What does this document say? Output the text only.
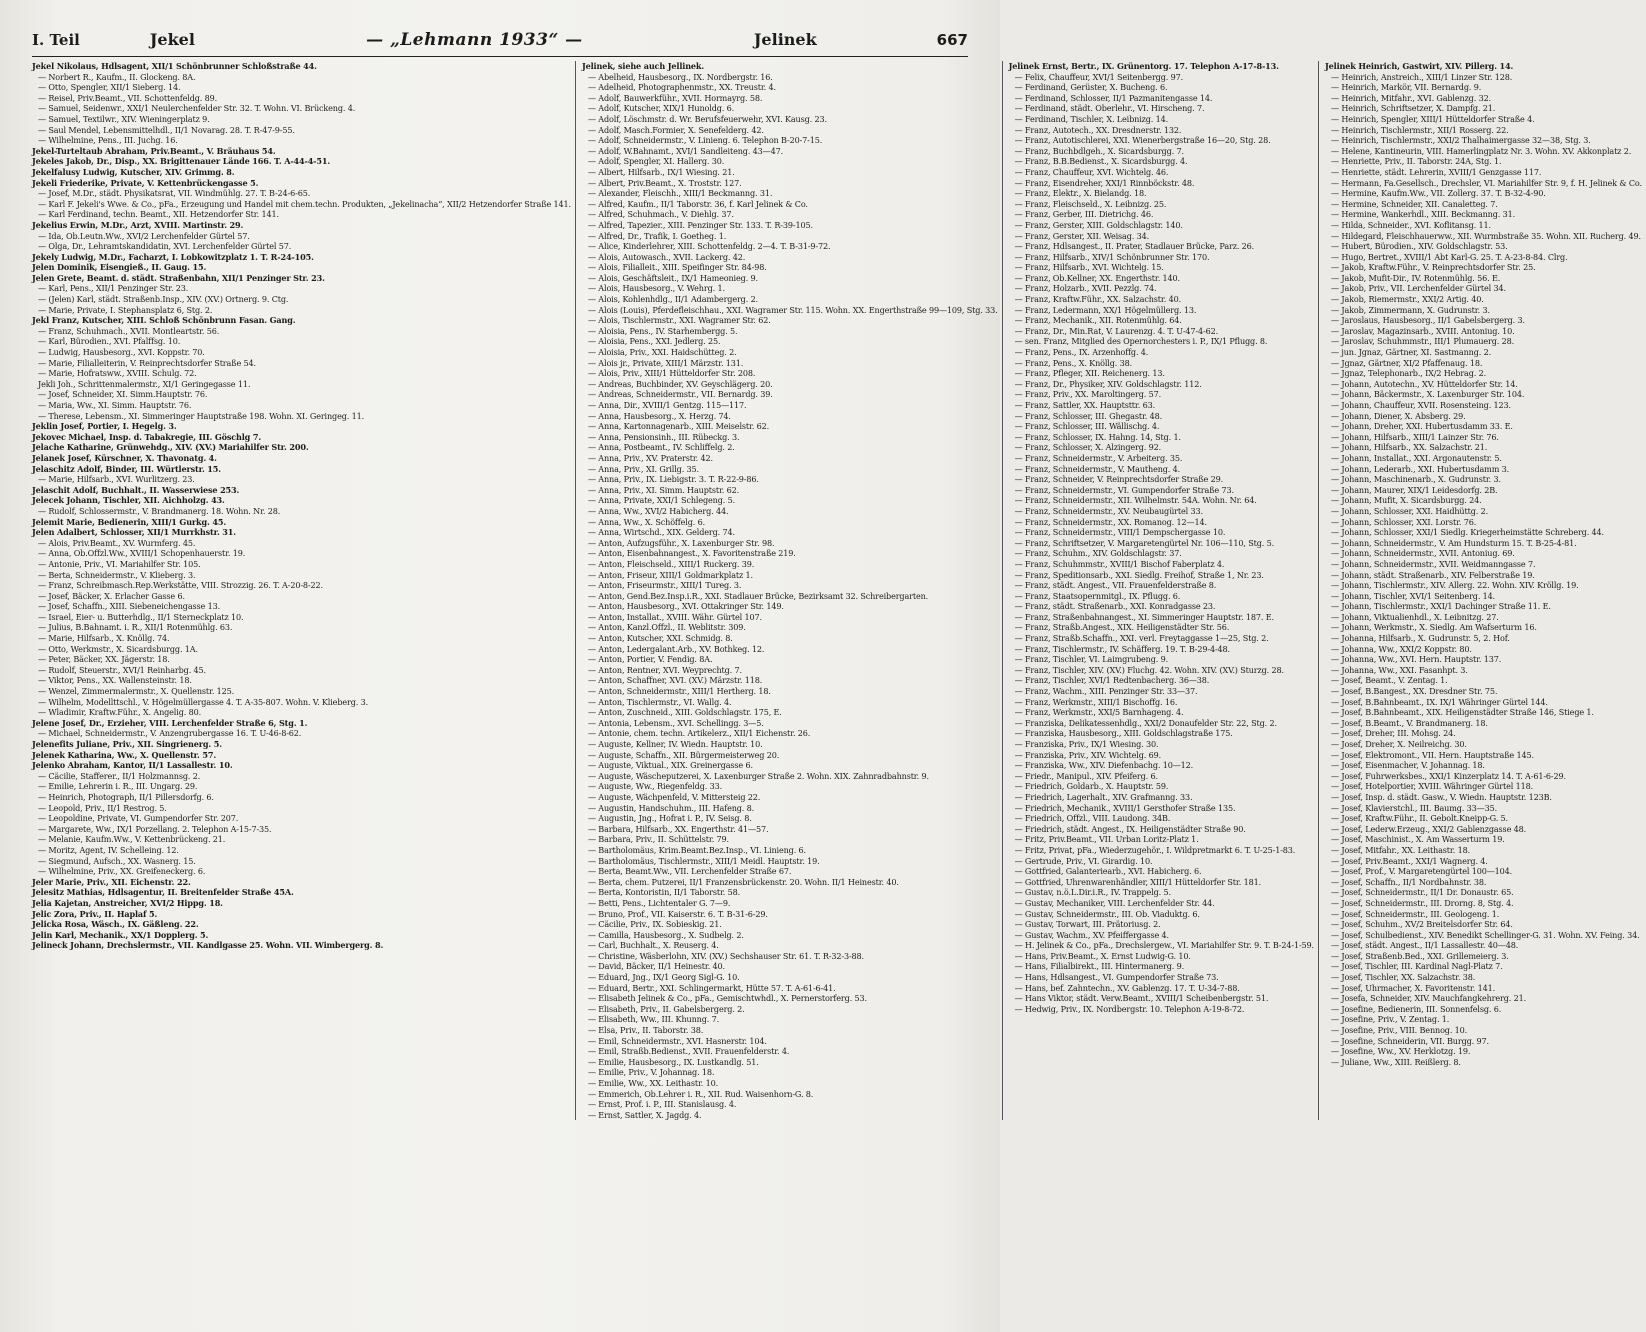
I. Teil	Jekel	— „Lehmann 1933“ —	Jelinek	667
Jekel Nikolaus, Hdlsagent, XII/1 Schönbrunner Schloßstraße 44.
— Norbert R., Kaufm., II. Glockeng. 8A.
— Otto, Spengler, XII/1 Sieberg. 14.
— Reisel, Priv.Beamt., VII. Schottenfeldg. 89.
— Samuel, Seidenwr., XXI/1 Neulerchenfelder Str. 32. T. Wohn. VI. Brückeng. 4.
— Samuel, Textilwr., XIV. Wieningerplatz 9.
— Saul Mendel, Lebensmittelhdl., II/1 Novarag. 28. T. R-47-9-55.
— Wilhelmine, Pens., III. Juchg. 16.
Jekel-Turteltaub Abraham, Priv.Beamt., V. Bräuhaus 54.
Jekeles Jakob, Dr., Disp., XX. Brigittenauer Lände 166. T. A-44-4-51.
Jekelfalusy Ludwig, Kutscher, XIV. Grimmg. 8.
Jekeli Friederike, Private, V. Kettenbrückengasse 5.
— Josef, M.Dr., städt. Physikatsrat, VII. Windmühlg. 27. T. B-24-6-65.
— Karl F. Jekeli's Wwe. & Co., pFa., Erzeugung und Handel mit chem.techn. Produkten, „Jekelinacha“, XII/2 Hetzendorfer Straße 141.
— Karl Ferdinand, techn. Beamt., XII. Hetzendorfer Str. 141.
Jekelius Erwin, M.Dr., Arzt, XVIII. Martinstr. 29.
— Ida, Ob.Leutn.Ww., XVI/2 Lerchenfelder Gürtel 57.
— Olga, Dr., Lehramtskandidatin, XVI. Lerchenfelder Gürtel 57.
Jekely Ludwig, M.Dr., Facharzt, I. Lobkowitzplatz 1. T. R-24-105.
Jelen Dominik, Eisengieß., II. Gaug. 15.
Jelen Grete, Beamt. d. städt. Straßenbahn, XII/1 Penzinger Str. 23.
— Karl, Pens., XII/1 Penzinger Str. 23.
— (Jelen) Karl, städt. Straßenb.Insp., XIV. (XV.) Ortnerg. 9. Ctg.
— Marie, Private, I. Stephansplatz 6, Stg. 2.
Jekl Franz, Kutscher, XIII. Schloß Schönbrunn Fasan. Gang.
— Franz, Schuhmach., XVII. Montleartstr. 56.
— Karl, Bürodien., XVI. Pfalffsg. 10.
— Ludwig, Hausbesorg., XVI. Koppstr. 70.
— Marie, Filialleiterin, V. Reinprechtsdorfer Straße 54.
— Marie, Hofratsww., XVIII. Schulg. 72.
Jekli Joh., Schrittenmalermstr., XI/1 Geringegasse 11.
— Josef, Schneider, XI. Simm.Hauptstr. 76.
— Maria, Ww., XI. Simm. Hauptstr. 76.
— Therese, Lebensm., XI. Simmeringer Hauptstraße 198. Wohn. XI. Geringeg. 11.
Jeklin Josef, Portier, I. Hegelg. 3.
Jekovec Michael, Insp. d. Tabakregie, III. Göschlg 7.
Jelache Katharine, Grünwehdg., XIV. (XV.) Mariahilfer Str. 200.
Jelanek Josef, Kürschner, X. Thavonatg. 4.
Jelaschitz Adolf, Binder, III. Würtlerstr. 15.
— Marie, Hilfsarb., XVI. Wurlitzerg. 23.
Jelaschit Adolf, Buchhalt., II. Wasserwiese 253.
Jelecek Johann, Tischler, XII. Aichholzg. 43.
— Rudolf, Schlossermstr., V. Brandmanerg. 18. Wohn. Nr. 28.
Jelemit Marie, Bedienerin, XIII/1 Gurkg. 45.
Jelen Adalbert, Schlosser, XII/1 Murrkhstr. 31.
— Alois, Priv.Beamt., XV. Wurmferg. 45.
— Anna, Ob.Offzl.Ww., XVIII/1 Schopenhauerstr. 19.
— Antonie, Priv., VI. Mariahilfer Str. 105.
— Berta, Schneidermstr., V. Klieberg. 3.
— Franz, Schreibmasch.Rep.Werkstätte, VIII. Strozzig. 26. T. A-20-8-22.
— Josef, Bäcker, X. Erlacher Gasse 6.
— Josef, Schaffn., XIII. Siebeneichengasse 13.
— Israel, Eier- u. Butterhdlg., II/1 Sterneckplatz 10.
— Julius, B.Bahnamt. i. R., XII/1 Rotenmühlg. 63.
— Marie, Hilfsarb., X. Knöllg. 74.
— Otto, Werkmstr., X. Sicardsburgg. 1A.
— Peter, Bäcker, XX. Jägerstr. 18.
— Rudolf, Steuerstr., XVI/1 Reinharbg. 45.
— Viktor, Pens., XX. Wallensteinstr. 18.
— Wenzel, Zimmermalermstr., X. Quellenstr. 125.
— Wilhelm, Modellttschl., V. Högelmüllergasse 4. T. A-35-807. Wohn. V. Klieberg. 3.
— Wladimir, Kraftw.Führ., X. Angelig. 80.
Jelene Josef, Dr., Erzieher, VIII. Lerchenfelder Straße 6, Stg. 1.
— Michael, Schneidermstr., V. Anzengrubergasse 16. T. U-46-8-62.
Jelenefits Juliane, Priv., XII. Singrienerg. 5.
Jelenek Katharina, Ww., X. Quellenstr. 57.
Jelenko Abraham, Kantor, II/1 Lassallestr. 10.
— Cäcilie, Stafferer., II/1 Holzmannsg. 2.
— Emilie, Lehrerin i. R., III. Ungarg. 29.
— Heinrich, Photograph, II/1 Pillersdorfg. 6.
— Leopold, Priv., II/1 Restrog. 5.
— Leopoldine, Private, VI. Gumpendorfer Str. 207.
— Margarete, Ww., IX/1 Porzellang. 2. Telephon A-15-7-35.
— Melanie, Kaufm.Ww., V. Kettenbrückeng. 21.
— Moritz, Agent, IV. Schelleing. 12.
— Siegmund, Aufsch., XX. Wasnerg. 15.
— Wilhelmine, Priv., XX. Greifeneckerg. 6.
Jeler Marie, Priv., XII. Eichenstr. 22.
Jelesitz Mathias, Hdlsagentur, II. Breitenfelder Straße 45A.
Jelia Kajetan, Anstreicher, XVI/2 Hippg. 18.
Jelic Zora, Priv., II. Haplaf 5.
Jelicka Rosa, Wäsch., IX. Gäßleng. 22.
Jelin Karl, Mechanik., XX/1 Dopplerg. 5.
Jelineck Johann, Drechslermstr., VII. Kandlgasse 25. Wohn. VII. Wimbergerg. 8.
Jelinek, siehe auch Jellinek.
— Abelheid, Hausbesorg., IX. Nordbergstr. 16.
— Adelheid, Photographenmstr., XX. Treustr. 4.
— Adolf, Bauwerkführ., XVII. Hormayrg. 58.
— Adolf, Kutscher, XIX/1 Hunoldg. 6.
— Adolf, Löschmstr. d. Wr. Berufsfeuerwehr, XVI. Kausg. 23.
— Adolf, Masch.Formier, X. Senefelderg. 42.
— Adolf, Schneidermstr., V. Linieng. 6. Telephon B-20-7-15.
— Adolf, W.Bahnamt., XVI/1 Sandleiteng. 43—47.
— Adolf, Spengler, XI. Hallerg. 30.
— Albert, Hilfsarb., IX/1 Wiesing. 21.
— Albert, Priv.Beamt., X. Troststr. 127.
— Alexander, Fleischh., XIII/1 Beckmanng. 31.
— Alfred, Kaufm., II/1 Taborstr. 36, f. Karl Jelinek & Co.
— Alfred, Schuhmach., V. Diehlg. 37.
— Alfred, Tapezier., XIII. Penzinger Str. 133. T. R-39-105.
— Alfred, Dr., Trafik, I. Goetheg. 1.
— Alice, Kinderlehrer, XIII. Schottenfeldg. 2—4. T. B-31-9-72.
— Alois, Autowasch., XVII. Lackerg. 42.
— Alois, Filialleit., XIII. Speifinger Str. 84-98.
— Alois, Geschäftsleit., IX/1 Hameonieg. 9.
— Alois, Hausbesorg., V. Wehrg. 1.
— Alois, Kohlenhdlg., II/1 Adambergerg. 2.
— Alois (Louis), Pferdefleischhau., XXI. Wagramer Str. 115. Wohn. XX. Engerthstraße 99—109, Stg. 33.
— Alois, Tischlermstr., XXI. Wagramer Str. 62.
— Aloisia, Pens., IV. Starhembergg. 5.
— Aloisia, Pens., XXI. Jedlerg. 25.
— Aloisia, Priv., XXI. Haidschütteg. 2.
— Alois jr., Private, XIII/1 Märzstr. 131.
— Alois, Priv., XIII/1 Hütteldorfer Str. 208.
— Andreas, Buchbinder, XV. Geyschlägerg. 20.
— Andreas, Schneidermstr., VII. Bernardg. 39.
— Anna, Dir., XVIII/1 Gentzg. 115—117.
— Anna, Hausbesorg., X. Herzg. 74.
— Anna, Kartonnagenarb., XIII. Meiselstr. 62.
— Anna, Pensionsinh., III. Rübeckg. 3.
— Anna, Postbeamt., IV. Schliffelg. 2.
— Anna, Priv., XV. Praterstr. 42.
— Anna, Priv., XI. Grillg. 35.
— Anna, Priv., IX. Liebigstr. 3. T. R-22-9-86.
— Anna, Priv., XI. Simm. Hauptstr. 62.
— Anna, Private, XXI/1 Schlegeng. 5.
— Anna, Ww., XVI/2 Habicherg. 44.
— Anna, Ww., X. Schöffelg. 6.
— Anna, Wirtschd., XIX. Gelderg. 74.
— Anton, Aufzugsführ., X. Laxenburger Str. 98.
— Anton, Eisenbahnangest., X. Favoritenstraße 219.
— Anton, Fleischseld., XIII/1 Ruckerg. 39.
— Anton, Friseur, XIII/1 Goldmarkplatz 1.
— Anton, Friseurmstr., XIII/1 Tureg. 3.
— Anton, Gend.Bez.Insp.i.R., XXI. Stadlauer Brücke, Bezirksamt 32. Schreibergarten.
— Anton, Hausbesorg., XVI. Ottakringer Str. 149.
— Anton, Installat., XVIII. Währ. Gürtel 107.
— Anton, Kanzl.Offzl., II. Weblitstr. 309.
— Anton, Kutscher, XXI. Schmidg. 8.
— Anton, Ledergalant.Arb., XV. Bothkeg. 12.
— Anton, Portier, V. Fendig. 8A.
— Anton, Rentner, XVI. Weyprechtg. 7.
— Anton, Schaffner, XVI. (XV.) Märzstr. 118.
— Anton, Schneidermstr., XIII/1 Hertherg. 18.
— Anton, Tischlermstr., VI. Wallg. 4.
— Anton, Zuschneid., XIII. Goldschlagstr. 175, E.
— Antonia, Lebensm., XVI. Schellingg. 3—5.
— Antonie, chem. techn. Artikelerz., XII/1 Eichenstr. 26.
— Auguste, Kellner, IV. Wiedn. Hauptstr. 10.
— Auguste, Schaffn., XII. Bürgermeisterweg 20.
— Auguste, Viktual., XIX. Greinergasse 6.
— Auguste, Wäscheputzerei, X. Laxenburger Straße 2. Wohn. XIX. Zahnradbahnstr. 9.
— Auguste, Ww., Riegenfeldg. 33.
— Auguste, Wächpenfeld, V. Mittersteig 22.
— Augustin, Handschuhm., III. Hafeng. 8.
— Augustin, Jng., Hofrat i. P., IV. Seisg. 8.
— Barbara, Hilfsarb., XX. Engerthstr. 41—57.
— Barbara, Priv., II. Schüttelstr. 79.
— Bartholomäus, Krim.Beamt.Bez.Insp., VI. Linieng. 6.
— Bartholomäus, Tischlermstr., XIII/1 Meidl. Hauptstr. 19.
— Berta, Beamt.Ww., VII. Lerchenfelder Straße 67.
— Berta, chem. Putzerei, II/1 Franzensbrückenstr. 20. Wohn. II/1 Heinestr. 40.
— Berta, Kontoristin, II/1 Taborstr. 58.
— Betti, Pens., Lichtentaler G. 7—9.
— Bruno, Prof., VII. Kaiserstr. 6. T. B-31-6-29.
— Cäcilie, Priv., IX. Sobieskig. 21.
— Camilla, Hausbesorg., X. Sudbelg. 2.
— Carl, Buchhalt., X. Reuserg. 4.
— Christine, Wäsberlohn, XIV. (XV.) Sechshauser Str. 61. T. R-32-3-88.
— David, Bäcker, II/1 Heinestr. 40.
— Eduard, Jng., IX/1 Georg Sigl-G. 10.
— Eduard, Bertr., XXI. Schlingermarkt, Hütte 57. T. A-61-6-41.
— Elisabeth Jelinek & Co., pFa., Gemischtwhdl., X. Pernerstorferg. 53.
— Elisabeth, Priv., II. Gabelsbergerg. 2.
— Elisabeth, Ww., III. Khunng. 7.
— Elsa, Priv., II. Taborstr. 38.
— Emil, Schneidermstr., XVI. Hasnerstr. 104.
— Emil, Straßb.Bedienst., XVII. Frauenfelderstr. 4.
— Emilie, Hausbesorg., IX. Lustkandlg. 51.
— Emilie, Priv., V. Johannag. 18.
— Emilie, Ww., XX. Leithastr. 10.
— Emmerich, Ob.Lehrer i. R., XII. Rud. Waisenhorn-G. 8.
— Ernst, Prof. i. P., III. Stanislausg. 4.
— Ernst, Sattler, X. Jagdg. 4.
Jelinek Ernst, Bertr., IX. Grünentorg. 17. Telephon A-17-8-13.
— Felix, Chauffeur, XVI/1 Seitenbergg. 97.
— Ferdinand, Gerüster, X. Bucheng. 6.
— Ferdinand, Schlosser, II/1 Pazmanitengasse 14.
— Ferdinand, städt. Oberlehr., VI. Hirscheng. 7.
— Ferdinand, Tischler, X. Leibnizg. 14.
— Franz, Autotech., XX. Dresdnerstr. 132.
— Franz, Autotischlerei, XXI. Wienerbergstraße 16—20, Stg. 28.
— Franz, Buchbdlgeh., X. Sicardsburgg. 7.
— Franz, B.B.Bedienst., X. Sicardsburgg. 4.
— Franz, Chauffeur, XVI. Wichtelg. 46.
— Franz, Eisendreher, XXI/1 Rinnböckstr. 48.
— Franz, Elektr., X. Bielandg. 18.
— Franz, Fleischseld., X. Leibnizg. 25.
— Franz, Gerber, III. Dietrichg. 46.
— Franz, Gerster, XIII. Goldschlagstr. 140.
— Franz, Gerster, XII. Weisag. 34.
— Franz, Hdlsangest., II. Prater, Stadlauer Brücke, Parz. 26.
— Franz, Hilfsarb., XIV/1 Schönbrunner Str. 170.
— Franz, Hilfsarb., XVI. Wichtelg. 15.
— Franz, Ob.Kellner, XX. Engerthstr. 140.
— Franz, Holzarb., XVII. Pezzlg. 74.
— Franz, Kraftw.Führ., XX. Salzachstr. 40.
— Franz, Ledermann, XX/1 Högelmüllerg. 13.
— Franz, Mechanik., XII. Rotenmühlg. 64.
— Franz, Dr., Min.Rat, V. Laurenzg. 4. T. U-47-4-62.
— sen. Franz, Mitglied des Opernorchesters i. P., IX/1 Pflugg. 8.
— Franz, Pens., IX. Arzenhoffg. 4.
— Franz, Pens., X. Knöllg. 38.
— Franz, Pfleger, XII. Reichenerg. 13.
— Franz, Dr., Physiker, XIV. Goldschlagstr. 112.
— Franz, Priv., XX. Maroltingerg. 57.
— Franz, Sattler, XX. Hauptsttr. 63.
— Franz, Schlosser, III. Ghegastr. 48.
— Franz, Schlosser, III. Wällischg. 4.
— Franz, Schlosser, IX. Hahng. 14, Stg. 1.
— Franz, Schlosser, X. Alzingerg. 92.
— Franz, Schneidermstr., V. Arbeiterg. 35.
— Franz, Schneidermstr., V. Mautheng. 4.
— Franz, Schneider, V. Reinprechtsdorfer Straße 29.
— Franz, Schneidermstr., VI. Gumpendorfer Straße 73.
— Franz, Schneidermstr., XII. Wilhelmstr. 54A. Wohn. Nr. 64.
— Franz, Schneidermstr., XV. Neubaugürtel 33.
— Franz, Schneidermstr., XX. Romanog. 12—14.
— Franz, Schneidermstr., VIII/1 Dempschergasse 10.
— Franz, Schriftsetzer, V. Margaretengürtel Nr. 106—110, Stg. 5.
— Franz, Schuhm., XIV. Goldschlagstr. 37.
— Franz, Schuhmmstr., XVIII/1 Bischof Faberplatz 4.
— Franz, Speditionsarb., XXI. Siedlg. Freihof, Straße 1, Nr. 23.
— Franz, städt. Angest., VII. Frauenfelderstraße 8.
— Franz, Staatsopernmitgl., IX. Pflugg. 6.
— Franz, städt. Straßenarb., XXI. Konradgasse 23.
— Franz, Straßenbahnangest., XI. Simmeringer Hauptstr. 187. E.
— Franz, Straßb.Angest., XIX. Heiligenstädter Str. 56.
— Franz, Straßb.Schaffn., XXI. verl. Freytaggasse 1—25, Stg. 2.
— Franz, Tischlermstr., IV. Schäfferg. 19. T. B-29-4-48.
— Franz, Tischler, VI. Laimgrubeng. 9.
— Franz, Tischler, XIV. (XV.) Fluchg. 42. Wohn. XIV. (XV.) Sturzg. 28.
— Franz, Tischler, XVI/1 Redtenbacherg. 36—38.
— Franz, Wachm., XIII. Penzinger Str. 33—37.
— Franz, Werkmstr., XIII/1 Bischoffg. 16.
— Franz, Werkmstr., XXI/5 Barnhageng. 4.
— Franziska, Delikatessenhdlg., XXI/2 Donaufelder Str. 22, Stg. 2.
— Franziska, Hausbesorg., XIII. Goldschlagstraße 175.
— Franziska, Priv., IX/1 Wiesing. 30.
— Franziska, Priv., XIV. Wichtelg. 69.
— Franziska, Ww., XIV. Diefenbachg. 10—12.
— Friedr., Manipul., XIV. Pfeiferg. 6.
— Friedrich, Goldarb., X. Hauptstr. 59.
— Friedrich, Lagerhalt., XIV. Grafmanng. 33.
— Friedrich, Mechanik., XVIII/1 Gersthofer Straße 135.
— Friedrich, Offzl., VIII. Laudong. 34B.
— Friedrich, städt. Angest., IX. Heiligenstädter Straße 90.
— Fritz, Priv.Beamt., VII. Urban Loritz-Platz 1.
— Fritz, Privat, pFa., Wiederzugehör., I. Wildpretmarkt 6. T. U-25-1-83.
— Gertrude, Priv., VI. Girardig. 10.
— Gottfried, Galanteriearb., XVI. Habicherg. 6.
— Gottfried, Uhrenwarenhändler, XIII/1 Hütteldorfer Str. 181.
— Gustav, n.ö.L.Dir.i.R., IV. Trappelg. 5.
— Gustav, Mechaniker, VIII. Lerchenfelder Str. 44.
— Gustav, Schneidermstr., III. Ob. Viaduktg. 6.
— Gustav, Torwart, III. Prätoriusg. 2.
— Gustav, Wachm., XV. Pfeiffergasse 4.
— H. Jelinek & Co., pFa., Drechslergew., VI. Mariahilfer Str. 9. T. B-24-1-59.
— Hans, Priv.Beamt., X. Ernst Ludwig-G. 10.
— Hans, Filialbirekt., III. Hintermanerg. 9.
— Hans, Hdlsangest., VI. Gumpendorfer Straße 73.
— Hans, bef. Zahntechn., XV. Gablenzg. 17. T. U-34-7-88.
— Hans Viktor, städt. Verw.Beamt., XVIII/1 Scheibenbergstr. 51.
— Hedwig, Priv., IX. Nordbergstr. 10. Telephon A-19-8-72.
Jelinek Heinrich, Gastwirt, XIV. Pillerg. 14.
— Heinrich, Anstreich., XIII/1 Linzer Str. 128.
— Heinrich, Markör, VII. Bernardg. 9.
— Heinrich, Mitfahr., XVI. Gablenzg. 32.
— Heinrich, Schriftsetzer, X. Dampfg. 21.
— Heinrich, Spengler, XIII/1 Hütteldorfer Straße 4.
— Heinrich, Tischlermstr., XII/1 Rosserg. 22.
— Heinrich, Tischlermstr., XXI/2 Thalhaimergasse 32—38, Stg. 3.
— Helene, Kantineurin, VIII. Hamerlingplatz Nr. 3. Wohn. XV. Akkonplatz 2.
— Henriette, Priv., II. Taborstr. 24A, Stg. 1.
— Henriette, städt. Lehrerin, XVIII/1 Genzgasse 117.
— Hermann, Fa.Gesellsch., Drechsler, VI. Mariahilfer Str. 9, f. H. Jelinek & Co.
— Hermine, Kaufm.Ww., VII. Zollerg. 37. T. B-32-4-90.
— Hermine, Schneider, XII. Canaletteg. 7.
— Hermine, Wankerhdl., XIII. Beckmanng. 31.
— Hilda, Schneider., XVI. Koflitansg. 11.
— Hildegard, Fleischhauerww., XII. Wurmbstraße 35. Wohn. XII. Rucherg. 49.
— Hubert, Bürodien., XIV. Goldschlagstr. 53.
— Hugo, Bertret., XVIII/1 Abt Karl-G. 25. T. A-23-8-84. Clrg.
— Jakob, Kraftw.Führ., V. Reinprechtsdorfer Str. 25.
— Jakob, Mufit-Dir., IV. Rotenmühlg. 56. E.
— Jakob, Priv., VII. Lerchenfelder Gürtel 34.
— Jakob, Riemermstr., XXI/2 Artig. 40.
— Jakob, Zimmermann, X. Gudrunstr. 3.
— Jaroslaus, Hausbesorg., II/1 Gabelsbergerg. 3.
— Jaroslav, Magazinsarb., XVIII. Antoniug. 10.
— Jaroslav, Schuhmmstr., III/1 Plumauerg. 28.
— jun. Jgnaz, Gärtner, XI. Sastmanng. 2.
— Jgnaz, Gärtner, XI/2 Pfaffenaug. 18.
— Jgnaz, Telephonarb., IX/2 Hebrag. 2.
— Johann, Autotechn., XV. Hütteldorfer Str. 14.
— Johann, Bäckermstr., X. Laxenburger Str. 104.
— Johann, Chauffeur, XVII. Rosensteing. 123.
— Johann, Diener, X. Absberg. 29.
— Johann, Dreher, XXI. Hubertusdamm 33. E.
— Johann, Hilfsarb., XIII/1 Lainzer Str. 76.
— Johann, Hilfsarb., XX. Salzachstr. 21.
— Johann, Installat., XXI. Argonautenstr. 5.
— Johann, Lederarb., XXI. Hubertusdamm 3.
— Johann, Maschinenarb., X. Gudrunstr. 3.
— Johann, Maurer, XIX/1 Leidesdorfg. 2B.
— Johann, Mufit, X. Sicardsburgg. 24.
— Johann, Schlosser, XXI. Haidhüttg. 2.
— Johann, Schlosser, XXI. Lorstr. 76.
— Johann, Schlosser, XXI/1 Siedlg. Kriegerheimstätte Schreberg. 44.
— Johann, Schneidermstr., V. Am Hundsturm 15. T. B-25-4-81.
— Johann, Schneidermstr., XVII. Antoniug. 69.
— Johann, Schneidermstr., XVII. Weidmanngasse 7.
— Johann, städt. Straßenarb., XIV. Felberstraße 19.
— Johann, Tischlermstr., XIV. Allerg. 22. Wohn. XIV. Kröllg. 19.
— Johann, Tischler, XVI/1 Seitenberg. 14.
— Johann, Tischlermstr., XXI/1 Dachinger Straße 11. E.
— Johann, Viktualienhdl., X. Leibnitzg. 27.
— Johann, Werkmstr., X. Siedlg. Am Wafserturm 16.
— Johanna, Hilfsarb., X. Gudrunstr. 5, 2. Hof.
— Johanna, Ww., XXI/2 Koppstr. 80.
— Johanna, Ww., XVI. Hern. Hauptstr. 137.
— Johanna, Ww., XXI. Fasanhpt. 3.
— Josef, Beamt., V. Zentag. 1.
— Josef, B.Bangest., XX. Dresdner Str. 75.
— Josef, B.Bahnbeamt., IX. IX/1 Währinger Gürtel 144.
— Josef, B.Bahnbeamt., XIX. Heiligenstädter Straße 146, Stiege 1.
— Josef, B.Beamt., V. Brandmanerg. 18.
— Josef, Dreher, III. Mohsg. 24.
— Josef, Dreher, X. Neilreichg. 30.
— Josef, Elektromont., VII. Hern. Hauptstraße 145.
— Josef, Eisenmacher, V. Johannag. 18.
— Josef, Fuhrwerksbes., XXI/1 Kinzerplatz 14. T. A-61-6-29.
— Josef, Hotelportier, XVIII. Währinger Gürtel 118.
— Josef, Insp. d. städt. Gasw., V. Wiedn. Hauptstr. 123B.
— Josef, Klavierstchl., III. Baumg. 33—35.
— Josef, Kraftw.Führ., II. Gebolt.Kneipp-G. 5.
— Josef, Lederw.Erzeug., XXI/2 Gablenzgasse 48.
— Josef, Maschinist., X. Am Wasserturm 19.
— Josef, Mitfahr., XX. Leithastr. 18.
— Josef, Priv.Beamt., XXI/1 Wagnerg. 4.
— Josef, Prof., V. Margaretengürtel 100—104.
— Josef, Schaffn., II/1 Nordbahnstr. 38.
— Josef, Schneidermstr., II/1 Dr. Donaustr. 65.
— Josef, Schneidermstr., III. Drorng. 8, Stg. 4.
— Josef, Schneidermstr., III. Geologeng. 1.
— Josef, Schuhm., XV/2 Breitelsdorfer Str. 64.
— Josef, Schulbedienst., XIV. Benedikt Schellinger-G. 31. Wohn. XV. Feing. 34.
— Josef, städt. Angest., II/1 Lassallestr. 40—48.
— Josef, Straßenb.Bed., XXI. Grillemeierg. 3.
— Josef, Tischler, III. Kardinal Nagl-Platz 7.
— Josef, Tischler, XX. Salzachstr. 38.
— Josef, Uhrmacher, X. Favoritenstr. 141.
— Josefa, Schneider, XIV. Mauchfangkehrerg. 21.
— Josefine, Bedienerin, III. Sonnenfelsg. 6.
— Josefine, Priv., V. Zentag. 1.
— Josefine, Priv., VIII. Bennog. 10.
— Josefine, Schneiderin, VII. Burgg. 97.
— Josefine, Ww., XV. Herklotzg. 19.
— Juliane, Ww., XIII. Reißlerg. 8.
